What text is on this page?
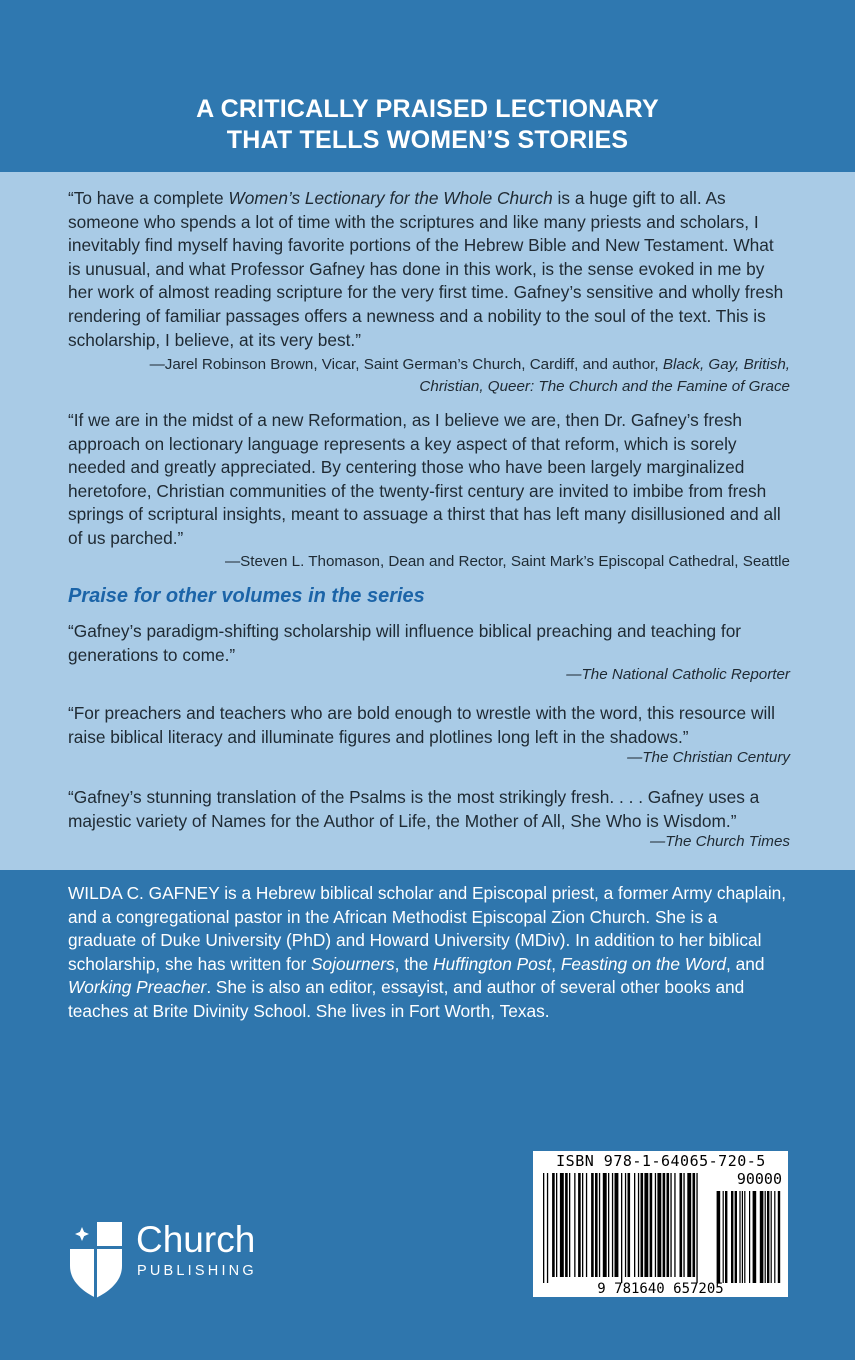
A CRITICALLY PRAISED LECTIONARY
THAT TELLS WOMEN’S STORIES
“To have a complete Women’s Lectionary for the Whole Church is a huge gift to all. As someone who spends a lot of time with the scriptures and like many priests and scholars, I inevitably find myself having favorite portions of the Hebrew Bible and New Testament. What is unusual, and what Professor Gafney has done in this work, is the sense evoked in me by her work of almost reading scripture for the very first time. Gafney’s sensitive and wholly fresh rendering of familiar passages offers a newness and a nobility to the soul of the text. This is scholarship, I believe, at its very best.”
—Jarel Robinson Brown, Vicar, Saint German’s Church, Cardiff, and author, Black, Gay, British,
Christian, Queer: The Church and the Famine of Grace
“If we are in the midst of a new Reformation, as I believe we are, then Dr. Gafney’s fresh approach on lectionary language represents a key aspect of that reform, which is sorely needed and greatly appreciated. By centering those who have been largely marginalized heretofore, Christian communities of the twenty-first century are invited to imbibe from fresh springs of scriptural insights, meant to assuage a thirst that has left many disillusioned and all of us parched.”
—Steven L. Thomason, Dean and Rector, Saint Mark’s Episcopal Cathedral, Seattle
Praise for other volumes in the series
“Gafney’s paradigm-shifting scholarship will influence biblical preaching and teaching for generations to come.”
—The National Catholic Reporter
“For preachers and teachers who are bold enough to wrestle with the word, this resource will raise biblical literacy and illuminate figures and plotlines long left in the shadows.”
—The Christian Century
“Gafney’s stunning translation of the Psalms is the most strikingly fresh. . . . Gafney uses a majestic variety of Names for the Author of Life, the Mother of All, She Who is Wisdom.”
—The Church Times
WILDA C. GAFNEY is a Hebrew biblical scholar and Episcopal priest, a former Army chaplain, and a congregational pastor in the African Methodist Episcopal Zion Church. She is a graduate of Duke University (PhD) and Howard University (MDiv). In addition to her biblical scholarship, she has written for Sojourners, the Huffington Post, Feasting on the Word, and Working Preacher. She is also an editor, essayist, and author of several other books and teaches at Brite Divinity School. She lives in Fort Worth, Texas.
ISBN 978-1-64065-720-5
90000
9 781640 657205
Church
PUBLISHING
